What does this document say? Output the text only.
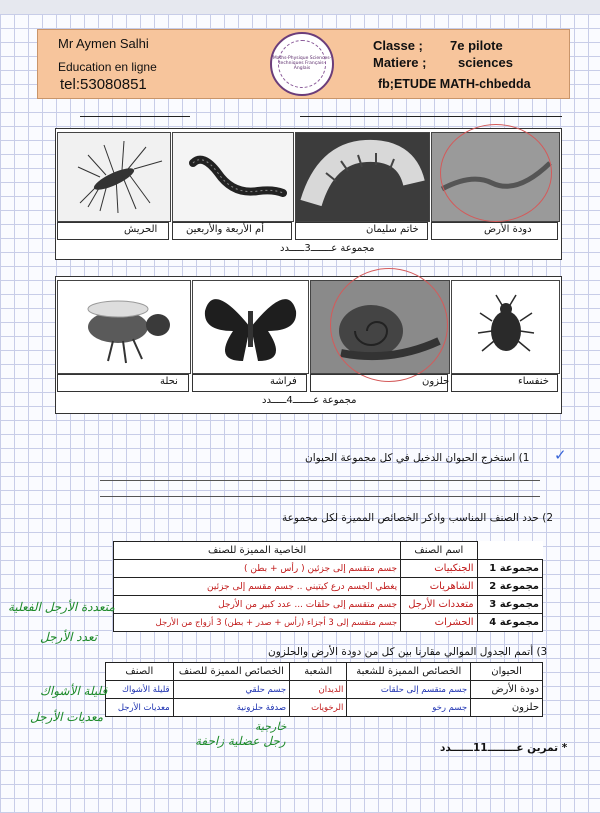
Mr Aymen Salhi
Education en ligne
tel:53080851
Maths-Physique Sciences-techniques Français-Anglais
Classe ; 7e pilote
Matiere ; sciences
fb;ETUDE MATH-chbedda
دودة الأرض
خاتم سليمان
أم الأربعة والأربعين
الحريش
مجموعة عـــــــ3ـــــدد
خنفساء
حلزون
فراشة
نحلة
مجموعة عـــــــ4ـــــدد
✓
1) استخرج الحيوان الدخيل في كل مجموعة الحيوان
2) حدد الصنف المناسب واذكر الخصائص المميزة لكل مجموعة
الخاصية المميزة للصنف	اسم الصنف	
جسم متقسم إلى جزئين ( رأس + بطن )	الجنكبيات	مجموعة 1
يغطي الجسم درع كيتيني .. جسم مقسم إلى جزئين	الشاهريات	مجموعة 2
جسم متقسم إلى حلقات ... عدد كبير من الأرجل	متعددات الأرجل	مجموعة 3
جسم متقسم إلى 3 أجزاء (رأس + صدر + بطن) 3 أزواج من الأرجل	الحشرات	مجموعة 4
متعددة الأرجل الفعلية
تعدد الأرجل
3) أتمم الجدول الموالي مقارنا بين كل من دودة الأرض والحلزون
الصنف	الخصائص المميزة للصنف	الشعبة	الخصائص المميزة للشعبة	الحيوان
قليلة الأشواك	جسم حلقي	الديدان	جسم متقسم إلى حلقات	دودة الأرض
معديات الأرجل	صدفة حلزونية	الرخويات	جسم رخو	حلزون
قليلة الأشواك
معديات الأرجل
خارجية
رجل عضلية زاحفة	* تمرين عــــــــ11ــــــدد
